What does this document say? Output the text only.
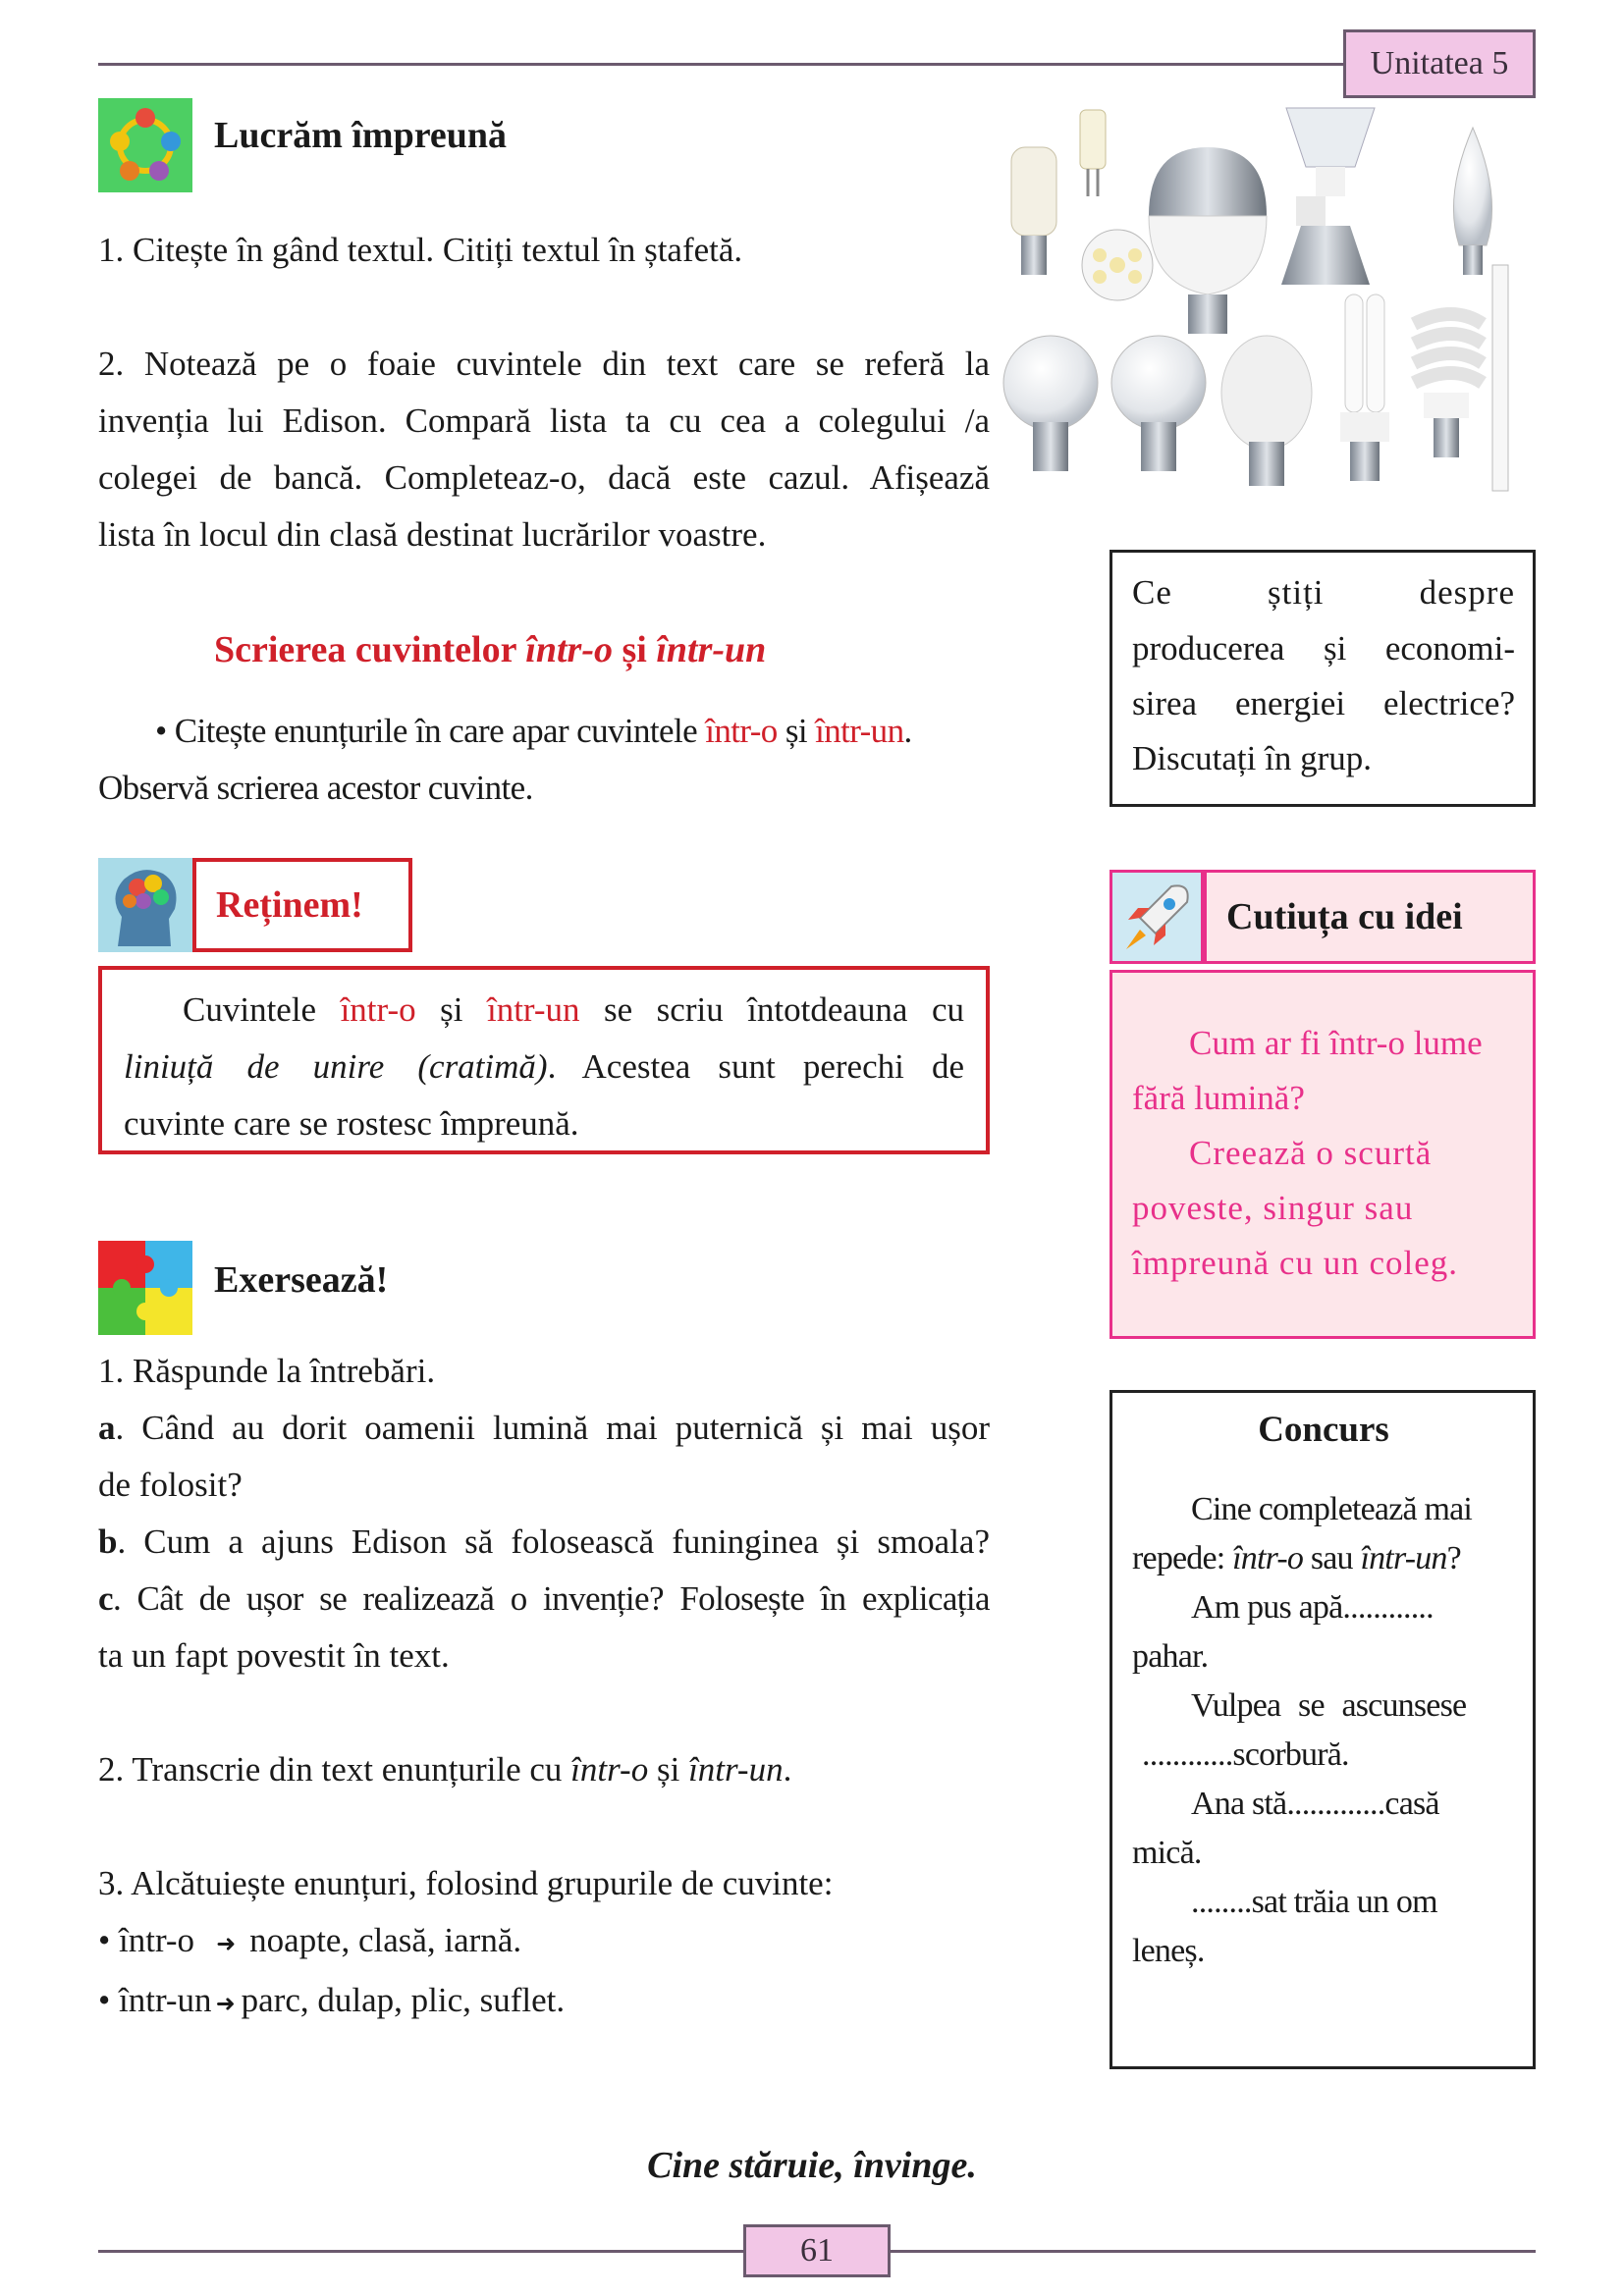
Unitatea 5
Lucrăm împreună
1. Citește în gând textul. Citiți textul în ștafetă.
2. Notează pe o foaie cuvintele din text care se referă la
invenția lui Edison. Compară lista ta cu cea a colegului /a
colegei de bancă. Completeaz-o, dacă este cazul. Afișează
lista în locul din clasă destinat lucrărilor voastre.
Ce știți despre
producerea și economi-
sirea energiei electrice?
Discutați în grup.
Scrierea cuvintelor într-o și într-un
• Citește enunțurile în care apar cuvintele într-o și într-un.
Observă scrierea acestor cuvinte.
Reținem!
Cuvintele într-o și într-un se scriu întotdeauna cu
liniuță de unire (cratimă). Acestea sunt perechi de
cuvinte care se rostesc împreună.
Exersează!
1. Răspunde la întrebări.
a. Când au dorit oamenii lumină mai puternică și mai ușor
de folosit?
b. Cum a ajuns Edison să folosească funinginea și smoala?
c. Cât de ușor se realizează o invenție? Folosește în explicația
ta un fapt povestit în text.
2. Transcrie din text enunțurile cu într-o și într-un.
3. Alcătuiește enunțuri, folosind grupurile de cuvinte:
• într-o ➜ noapte, clasă, iarnă.
• într-un ➜ parc, dulap, plic, suflet.
Cutiuța cu idei
Cum ar fi într-o lume
fără lumină?
Creează o scurtă
poveste, singur sau
împreună cu un coleg.
Concurs
Cine completează mai
repede: într-o sau într-un?
Am pus apă............
pahar.
Vulpea se ascunsese
............scorbură.
Ana stă.............casă
mică.
........sat trăia un om
leneș.
Cine stăruie, învinge.
61
